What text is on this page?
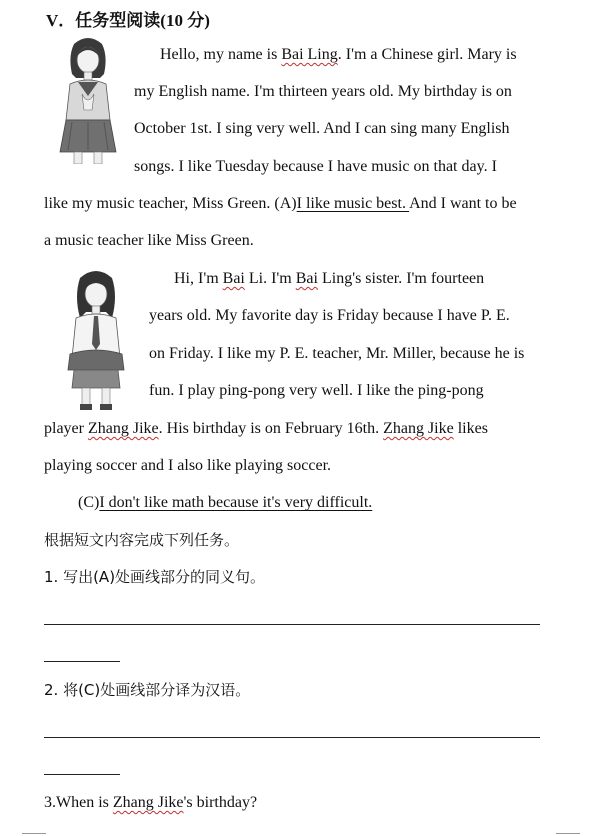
V．任务型阅读(10 分)
Hello, my name is Bai Ling. I'm a Chinese girl. Mary is
my English name. I'm thirteen years old. My birthday is on
October 1st. I sing very well. And I can sing many English
songs. I like Tuesday because I have music on that day. I
like my music teacher, Miss Green. (A)I like music best. And I want to be
a music teacher like Miss Green.
Hi, I'm Bai Li. I'm Bai Ling's sister. I'm fourteen
years old. My favorite day is Friday because I have P. E.
on Friday. I like my P. E. teacher, Mr. Miller, because he is
fun. I play ping-pong very well. I like the ping-pong
player Zhang Jike. His birthday is on February 16th. Zhang Jike likes
playing soccer and I also like playing soccer.
(C)I don't like math because it's very difficult.
根据短文内容完成下列任务。
1. 写出(A)处画线部分的同义句。
2. 将(C)处画线部分译为汉语。
3.When is Zhang Jike's birthday?
